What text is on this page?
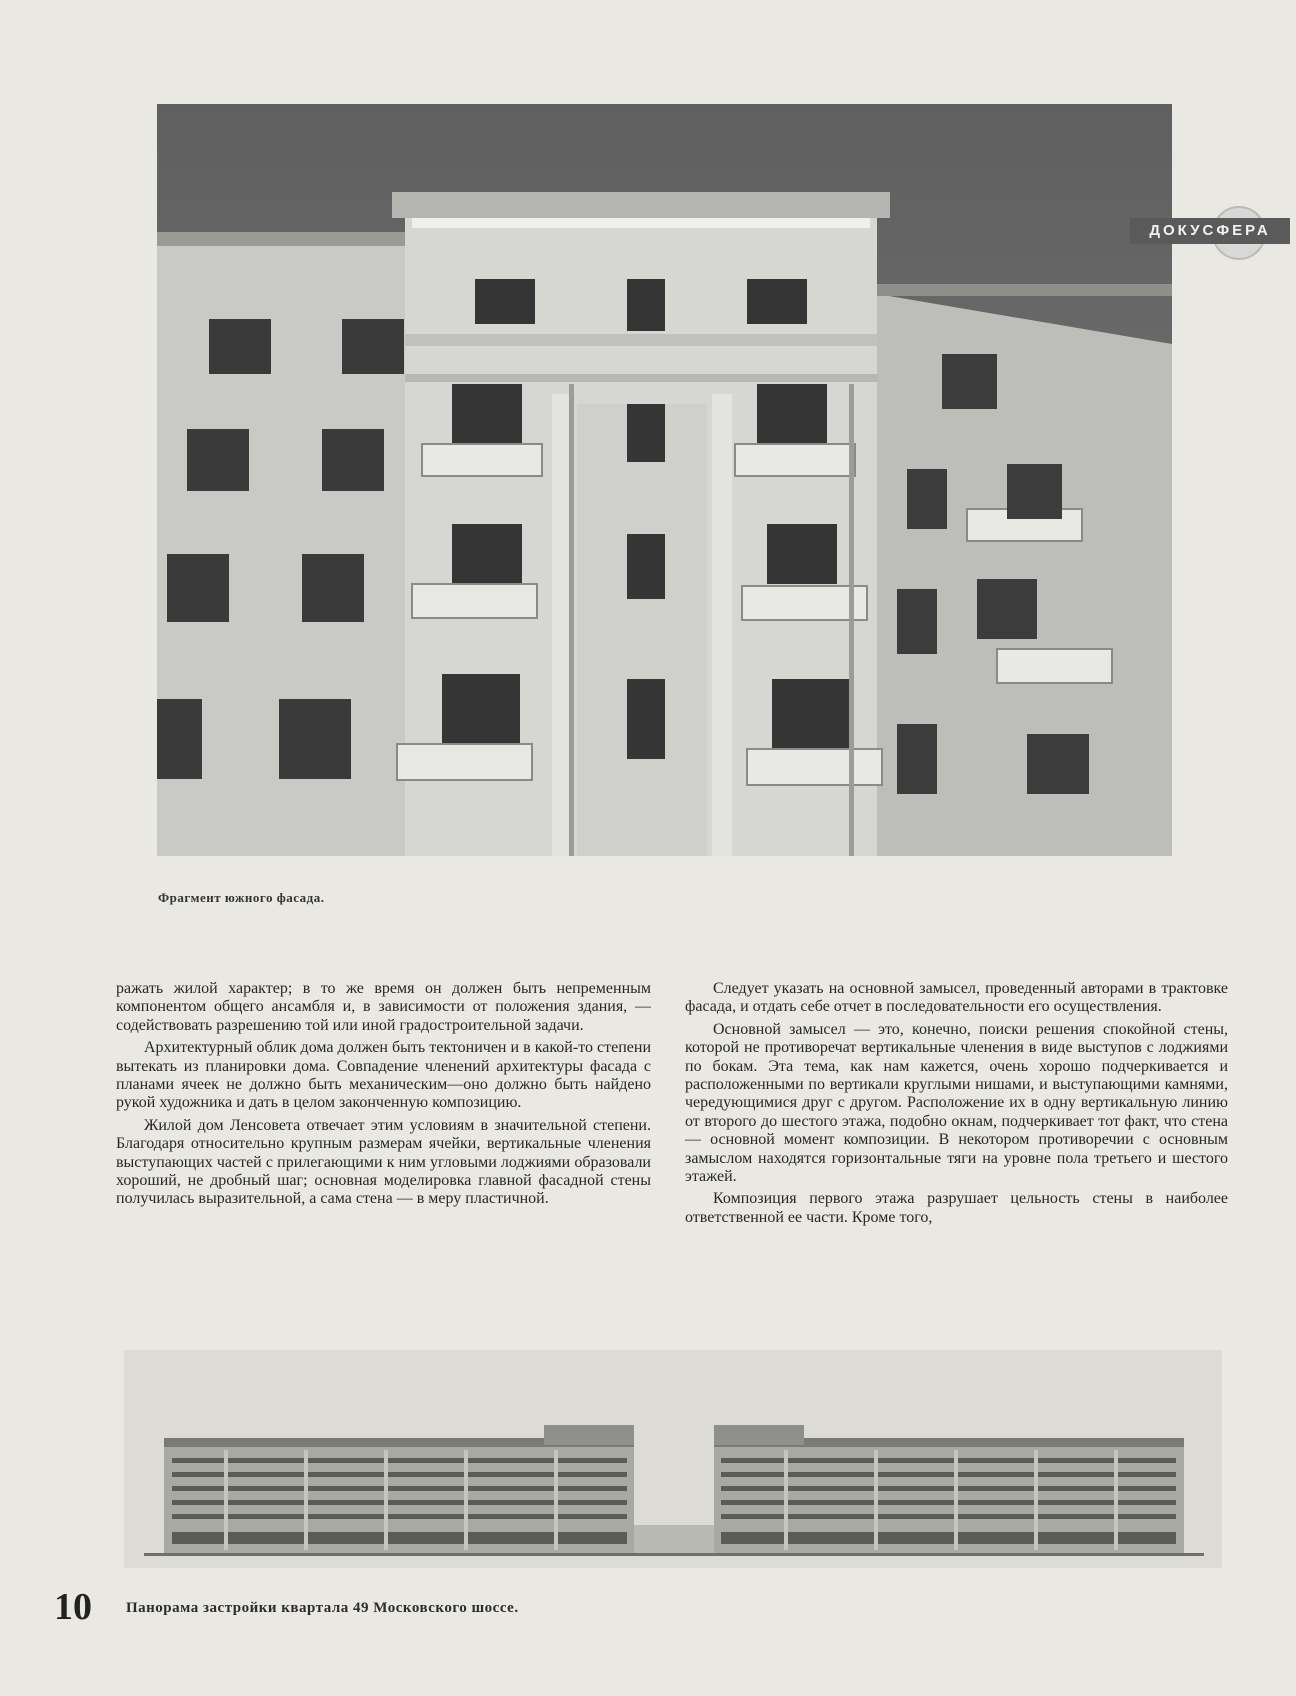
ДОКУСФЕРА
Фрагмент южного фасада.

ражать жилой характер; в то же время он должен быть непременным компонентом общего ансамбля и, в зависимости от положения здания, — содействовать разрешению той или иной градостроительной задачи.

Архитектурный облик дома должен быть тектоничен и в какой-то степени вытекать из планировки дома. Совпадение членений архитектуры фасада с планами ячеек не должно быть механическим—оно должно быть найдено рукой художника и дать в целом законченную композицию.

Жилой дом Ленсовета отвечает этим условиям в значительной степени. Благодаря относительно крупным размерам ячейки, вертикальные членения выступающих частей с прилегающими к ним угловыми лоджиями образовали хороший, не дробный шаг; основная моделировка главной фасадной стены получилась выразительной, а сама стена — в меру пластичной.

Следует указать на основной замысел, проведенный авторами в трактовке фасада, и отдать себе отчет в последовательности его осуществления.

Основной замысел — это, конечно, поиски решения спокойной стены, которой не противоречат вертикальные членения в виде выступов с лоджиями по бокам. Эта тема, как нам кажется, очень хорошо подчеркивается и расположенными по вертикали круглыми нишами, и выступающими камнями, чередующимися друг с другом. Расположение их в одну вертикальную линию от второго до шестого этажа, подобно окнам, подчеркивает тот факт, что стена — основной момент композиции. В некотором противоречии с основным замыслом находятся горизонтальные тяги на уровне пола третьего и шестого этажей.

Композиция первого этажа разрушает цельность стены в наиболее ответственной ее части. Кроме того,

10 Панорама застройки квартала 49 Московского шоссе.
